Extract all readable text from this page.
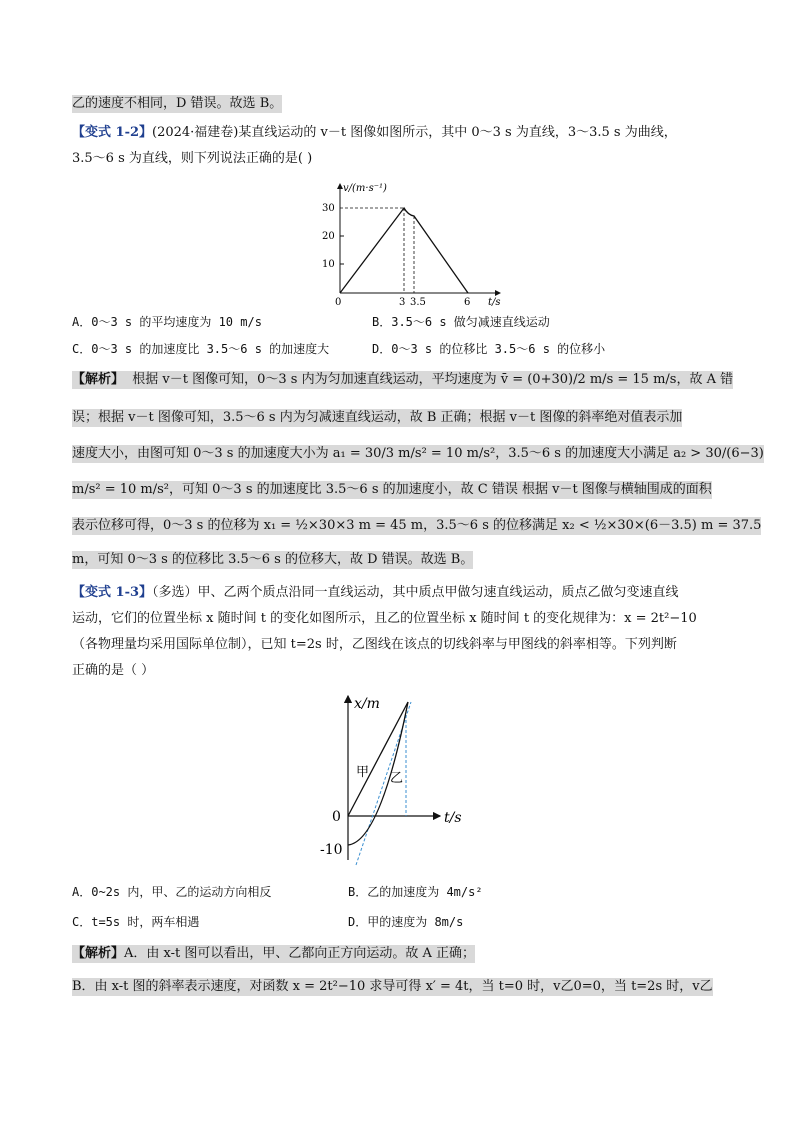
乙的速度不相同，D 错误。故选 B。
【变式 1-2】(2024·福建卷)某直线运动的 v－t 图像如图所示，其中 0～3 s 为直线，3～3.5 s 为曲线，
3.5～6 s 为直线，则下列说法正确的是( )
v/(m·s⁻¹)
10
20
30
0	3 3.5	6 t/s
A．0～3 s 的平均速度为 10 m/s	B．3.5～6 s 做匀减速直线运动
C．0～3 s 的加速度比 3.5～6 s 的加速度大	D．0～3 s 的位移比 3.5～6 s 的位移小
【解析】 根据 v－t 图像可知，0～3 s 内为匀加速直线运动，平均速度为 v̄ = (0+30)/2 m/s = 15 m/s，故 A 错
误；根据 v－t 图像可知，3.5～6 s 内为匀减速直线运动，故 B 正确；根据 v－t 图像的斜率绝对值表示加
速度大小，由图可知 0～3 s 的加速度大小为 a₁ = 30/3 m/s² = 10 m/s²，3.5～6 s 的加速度大小满足 a₂ > 30/(6−3)
m/s² = 10 m/s²，可知 0～3 s 的加速度比 3.5～6 s 的加速度小，故 C 错误 根据 v－t 图像与横轴围成的面积
表示位移可得，0～3 s 的位移为 x₁ = ½×30×3 m = 45 m，3.5～6 s 的位移满足 x₂ < ½×30×(6－3.5) m = 37.5
m，可知 0～3 s 的位移比 3.5～6 s 的位移大，故 D 错误。故选 B。
【变式 1-3】（多选）甲、乙两个质点沿同一直线运动，其中质点甲做匀速直线运动，质点乙做匀变速直线
运动，它们的位置坐标 x 随时间 t 的变化如图所示，且乙的位置坐标 x 随时间 t 的变化规律为：x = 2t²−10
（各物理量均采用国际单位制），已知 t=2s 时，乙图线在该点的切线斜率与甲图线的斜率相等。下列判断
正确的是（ ）
x/m
t/s
0
-10
甲 乙
A．0~2s 内，甲、乙的运动方向相反	B．乙的加速度为 4m/s²
C．t=5s 时，两车相遇	D．甲的速度为 8m/s
【解析】A．由 x-t 图可以看出，甲、乙都向正方向运动。故 A 正确；
B．由 x-t 图的斜率表示速度，对函数 x = 2t²−10 求导可得 x′ = 4t，当 t=0 时，v乙0=0，当 t=2s 时，v乙
